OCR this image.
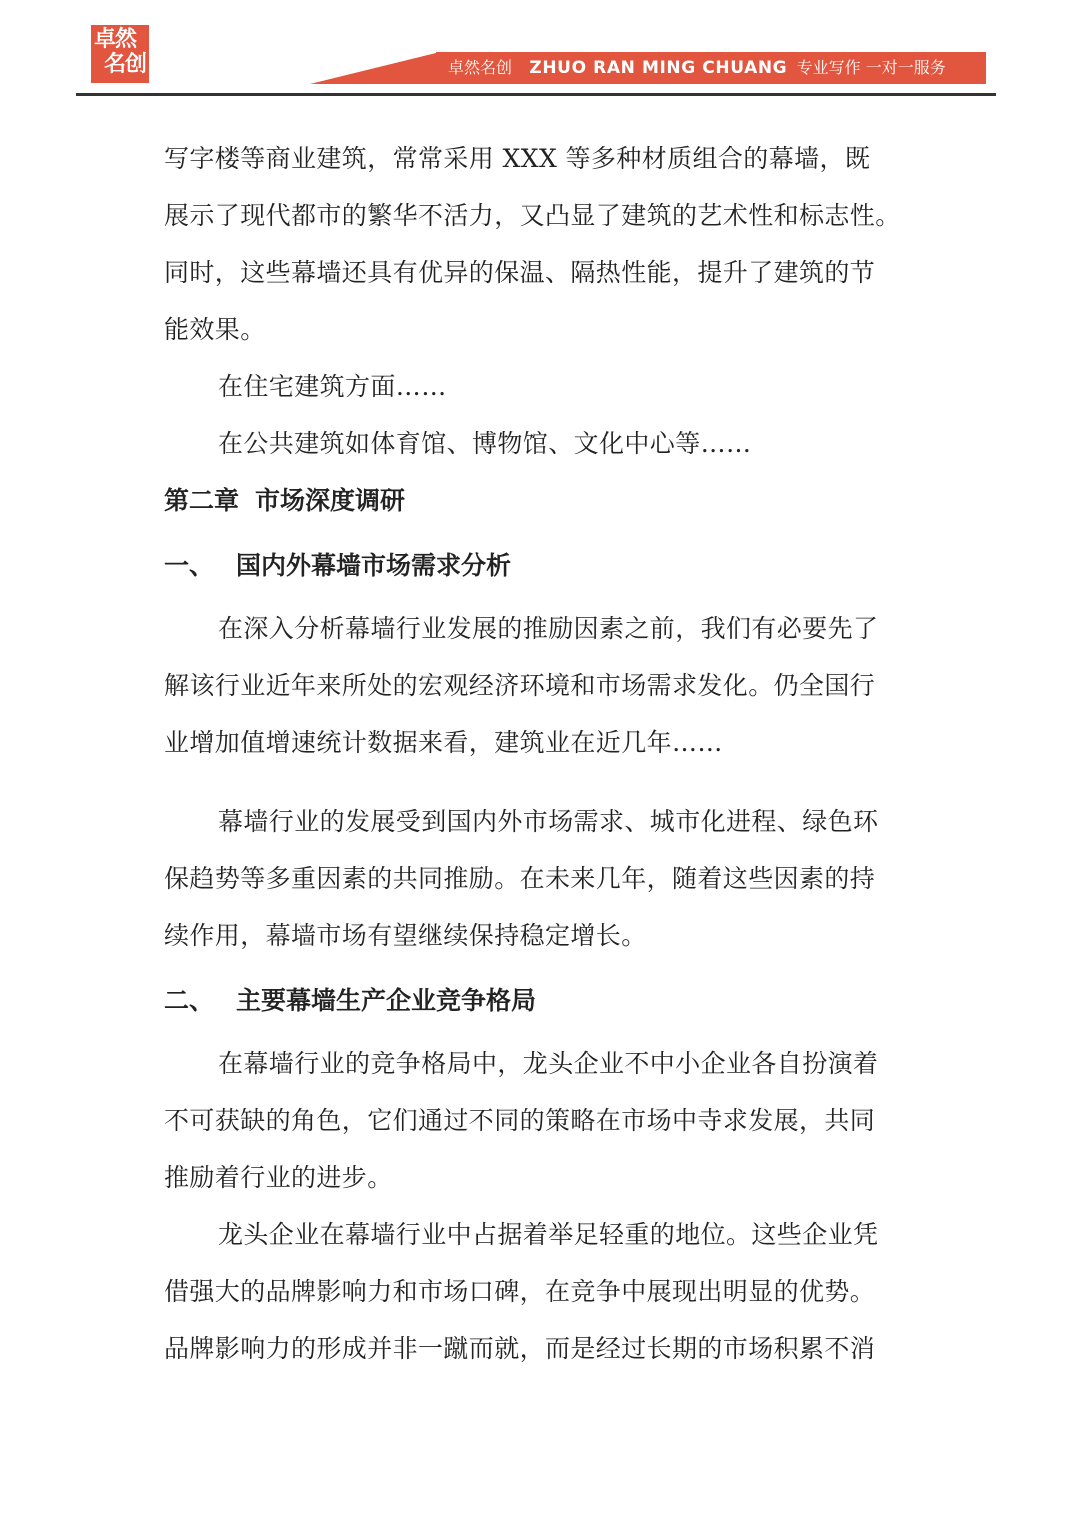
卓然
名创	卓然名创 ZHUO RAN MING CHUANG 专业写作 一对一服务

写字楼等商业建筑，常常采用 XXX 等多种材质组合的幕墙，既

展示了现代都市的繁华不活力，又凸显了建筑的艺术性和标志性。

同时，这些幕墙还具有优异的保温、隔热性能，提升了建筑的节

能效果。

在住宅建筑方面……

在公共建筑如体育馆、博物馆、文化中心等……

第二章 市场深度调研
一、 国内外幕墙市场需求分析

在深入分析幕墙行业发展的推励因素之前，我们有必要先了

解该行业近年来所处的宏观经济环境和市场需求发化。仍全国行

业增加值增速统计数据来看，建筑业在近几年……

幕墙行业的发展受到国内外市场需求、城市化进程、绿色环

保趋势等多重因素的共同推励。在未来几年，随着这些因素的持

续作用，幕墙市场有望继续保持稳定增长。

二、 主要幕墙生产企业竞争格局

在幕墙行业的竞争格局中，龙头企业不中小企业各自扮演着

不可获缺的角色，它们通过不同的策略在市场中寺求发展，共同

推励着行业的进步。

龙头企业在幕墙行业中占据着举足轻重的地位。这些企业凭

借强大的品牌影响力和市场口碑，在竞争中展现出明显的优势。

品牌影响力的形成并非一蹴而就，而是经过长期的市场积累不消
